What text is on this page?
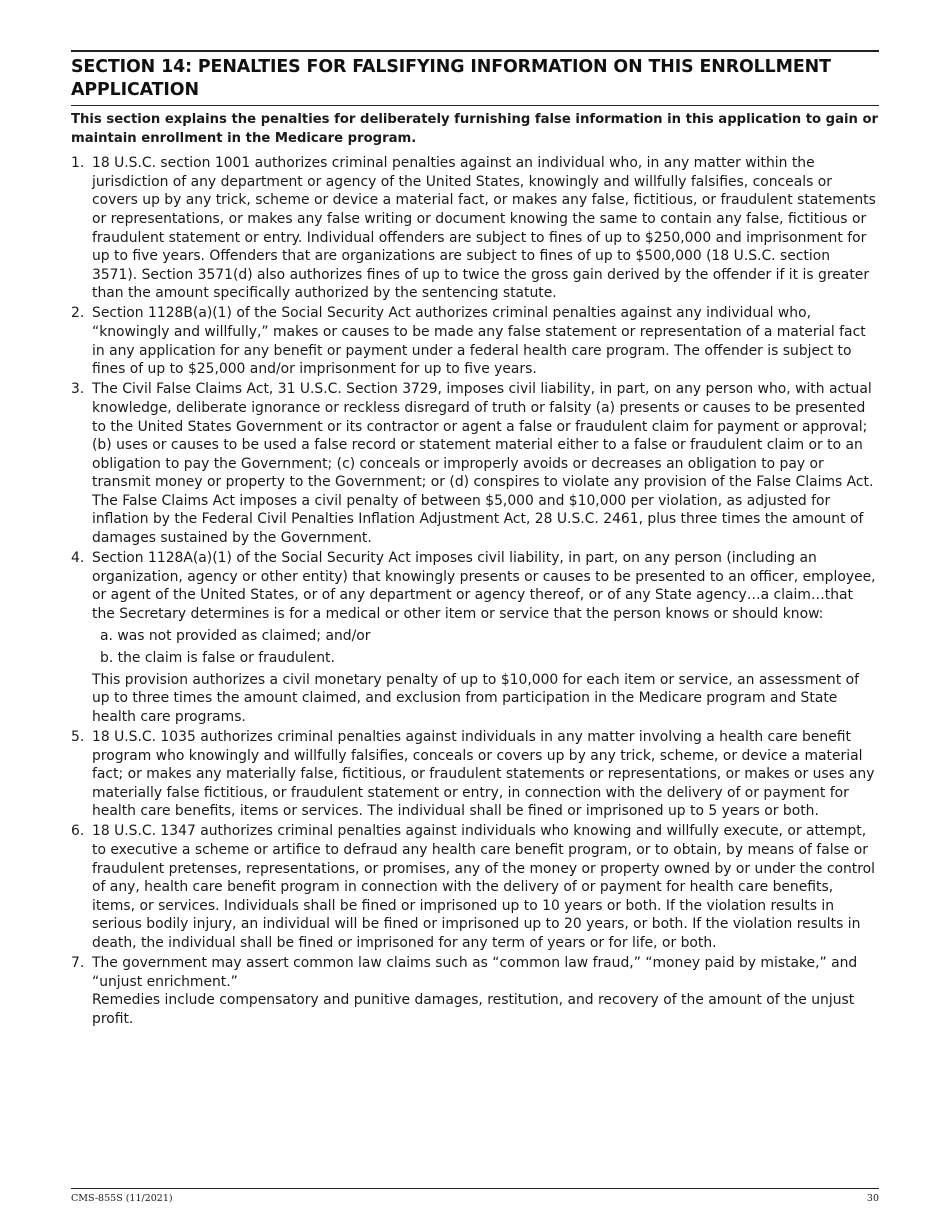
SECTION 14: PENALTIES FOR FALSIFYING INFORMATION ON THIS ENROLLMENT APPLICATION
This section explains the penalties for deliberately furnishing false information in this application to gain or maintain enrollment in the Medicare program.
1. 18 U.S.C. section 1001 authorizes criminal penalties against an individual who, in any matter within the jurisdiction of any department or agency of the United States, knowingly and willfully falsifies, conceals or covers up by any trick, scheme or device a material fact, or makes any false, fictitious, or fraudulent statements or representations, or makes any false writing or document knowing the same to contain any false, fictitious or fraudulent statement or entry. Individual offenders are subject to fines of up to $250,000 and imprisonment for up to five years. Offenders that are organizations are subject to fines of up to $500,000 (18 U.S.C. section 3571). Section 3571(d) also authorizes fines of up to twice the gross gain derived by the offender if it is greater than the amount specifically authorized by the sentencing statute.
2. Section 1128B(a)(1) of the Social Security Act authorizes criminal penalties against any individual who, “knowingly and willfully,” makes or causes to be made any false statement or representation of a material fact in any application for any benefit or payment under a federal health care program. The offender is subject to fines of up to $25,000 and/or imprisonment for up to five years.
3. The Civil False Claims Act, 31 U.S.C. Section 3729, imposes civil liability, in part, on any person who, with actual knowledge, deliberate ignorance or reckless disregard of truth or falsity (a) presents or causes to be presented to the United States Government or its contractor or agent a false or fraudulent claim for payment or approval; (b) uses or causes to be used a false record or statement material either to a false or fraudulent claim or to an obligation to pay the Government; (c) conceals or improperly avoids or decreases an obligation to pay or transmit money or property to the Government; or (d) conspires to violate any provision of the False Claims Act. The False Claims Act imposes a civil penalty of between $5,000 and $10,000 per violation, as adjusted for inflation by the Federal Civil Penalties Inflation Adjustment Act, 28 U.S.C. 2461, plus three times the amount of damages sustained by the Government.
4. Section 1128A(a)(1) of the Social Security Act imposes civil liability, in part, on any person (including an organization, agency or other entity) that knowingly presents or causes to be presented to an officer, employee, or agent of the United States, or of any department or agency thereof, or of any State agency…a claim…that the Secretary determines is for a medical or other item or service that the person knows or should know:
a. was not provided as claimed; and/or
b. the claim is false or fraudulent.
This provision authorizes a civil monetary penalty of up to $10,000 for each item or service, an assessment of up to three times the amount claimed, and exclusion from participation in the Medicare program and State health care programs.
5. 18 U.S.C. 1035 authorizes criminal penalties against individuals in any matter involving a health care benefit program who knowingly and willfully falsifies, conceals or covers up by any trick, scheme, or device a material fact; or makes any materially false, fictitious, or fraudulent statements or representations, or makes or uses any materially false fictitious, or fraudulent statement or entry, in connection with the delivery of or payment for health care benefits, items or services. The individual shall be fined or imprisoned up to 5 years or both.
6. 18 U.S.C. 1347 authorizes criminal penalties against individuals who knowing and willfully execute, or attempt, to executive a scheme or artifice to defraud any health care benefit program, or to obtain, by means of false or fraudulent pretenses, representations, or promises, any of the money or property owned by or under the control of any, health care benefit program in connection with the delivery of or payment for health care benefits, items, or services. Individuals shall be fined or imprisoned up to 10 years or both. If the violation results in serious bodily injury, an individual will be fined or imprisoned up to 20 years, or both. If the violation results in death, the individual shall be fined or imprisoned for any term of years or for life, or both.
7. The government may assert common law claims such as “common law fraud,” “money paid by mistake,” and “unjust enrichment.”
Remedies include compensatory and punitive damages, restitution, and recovery of the amount of the unjust profit.
CMS-855S (11/2021)	30
